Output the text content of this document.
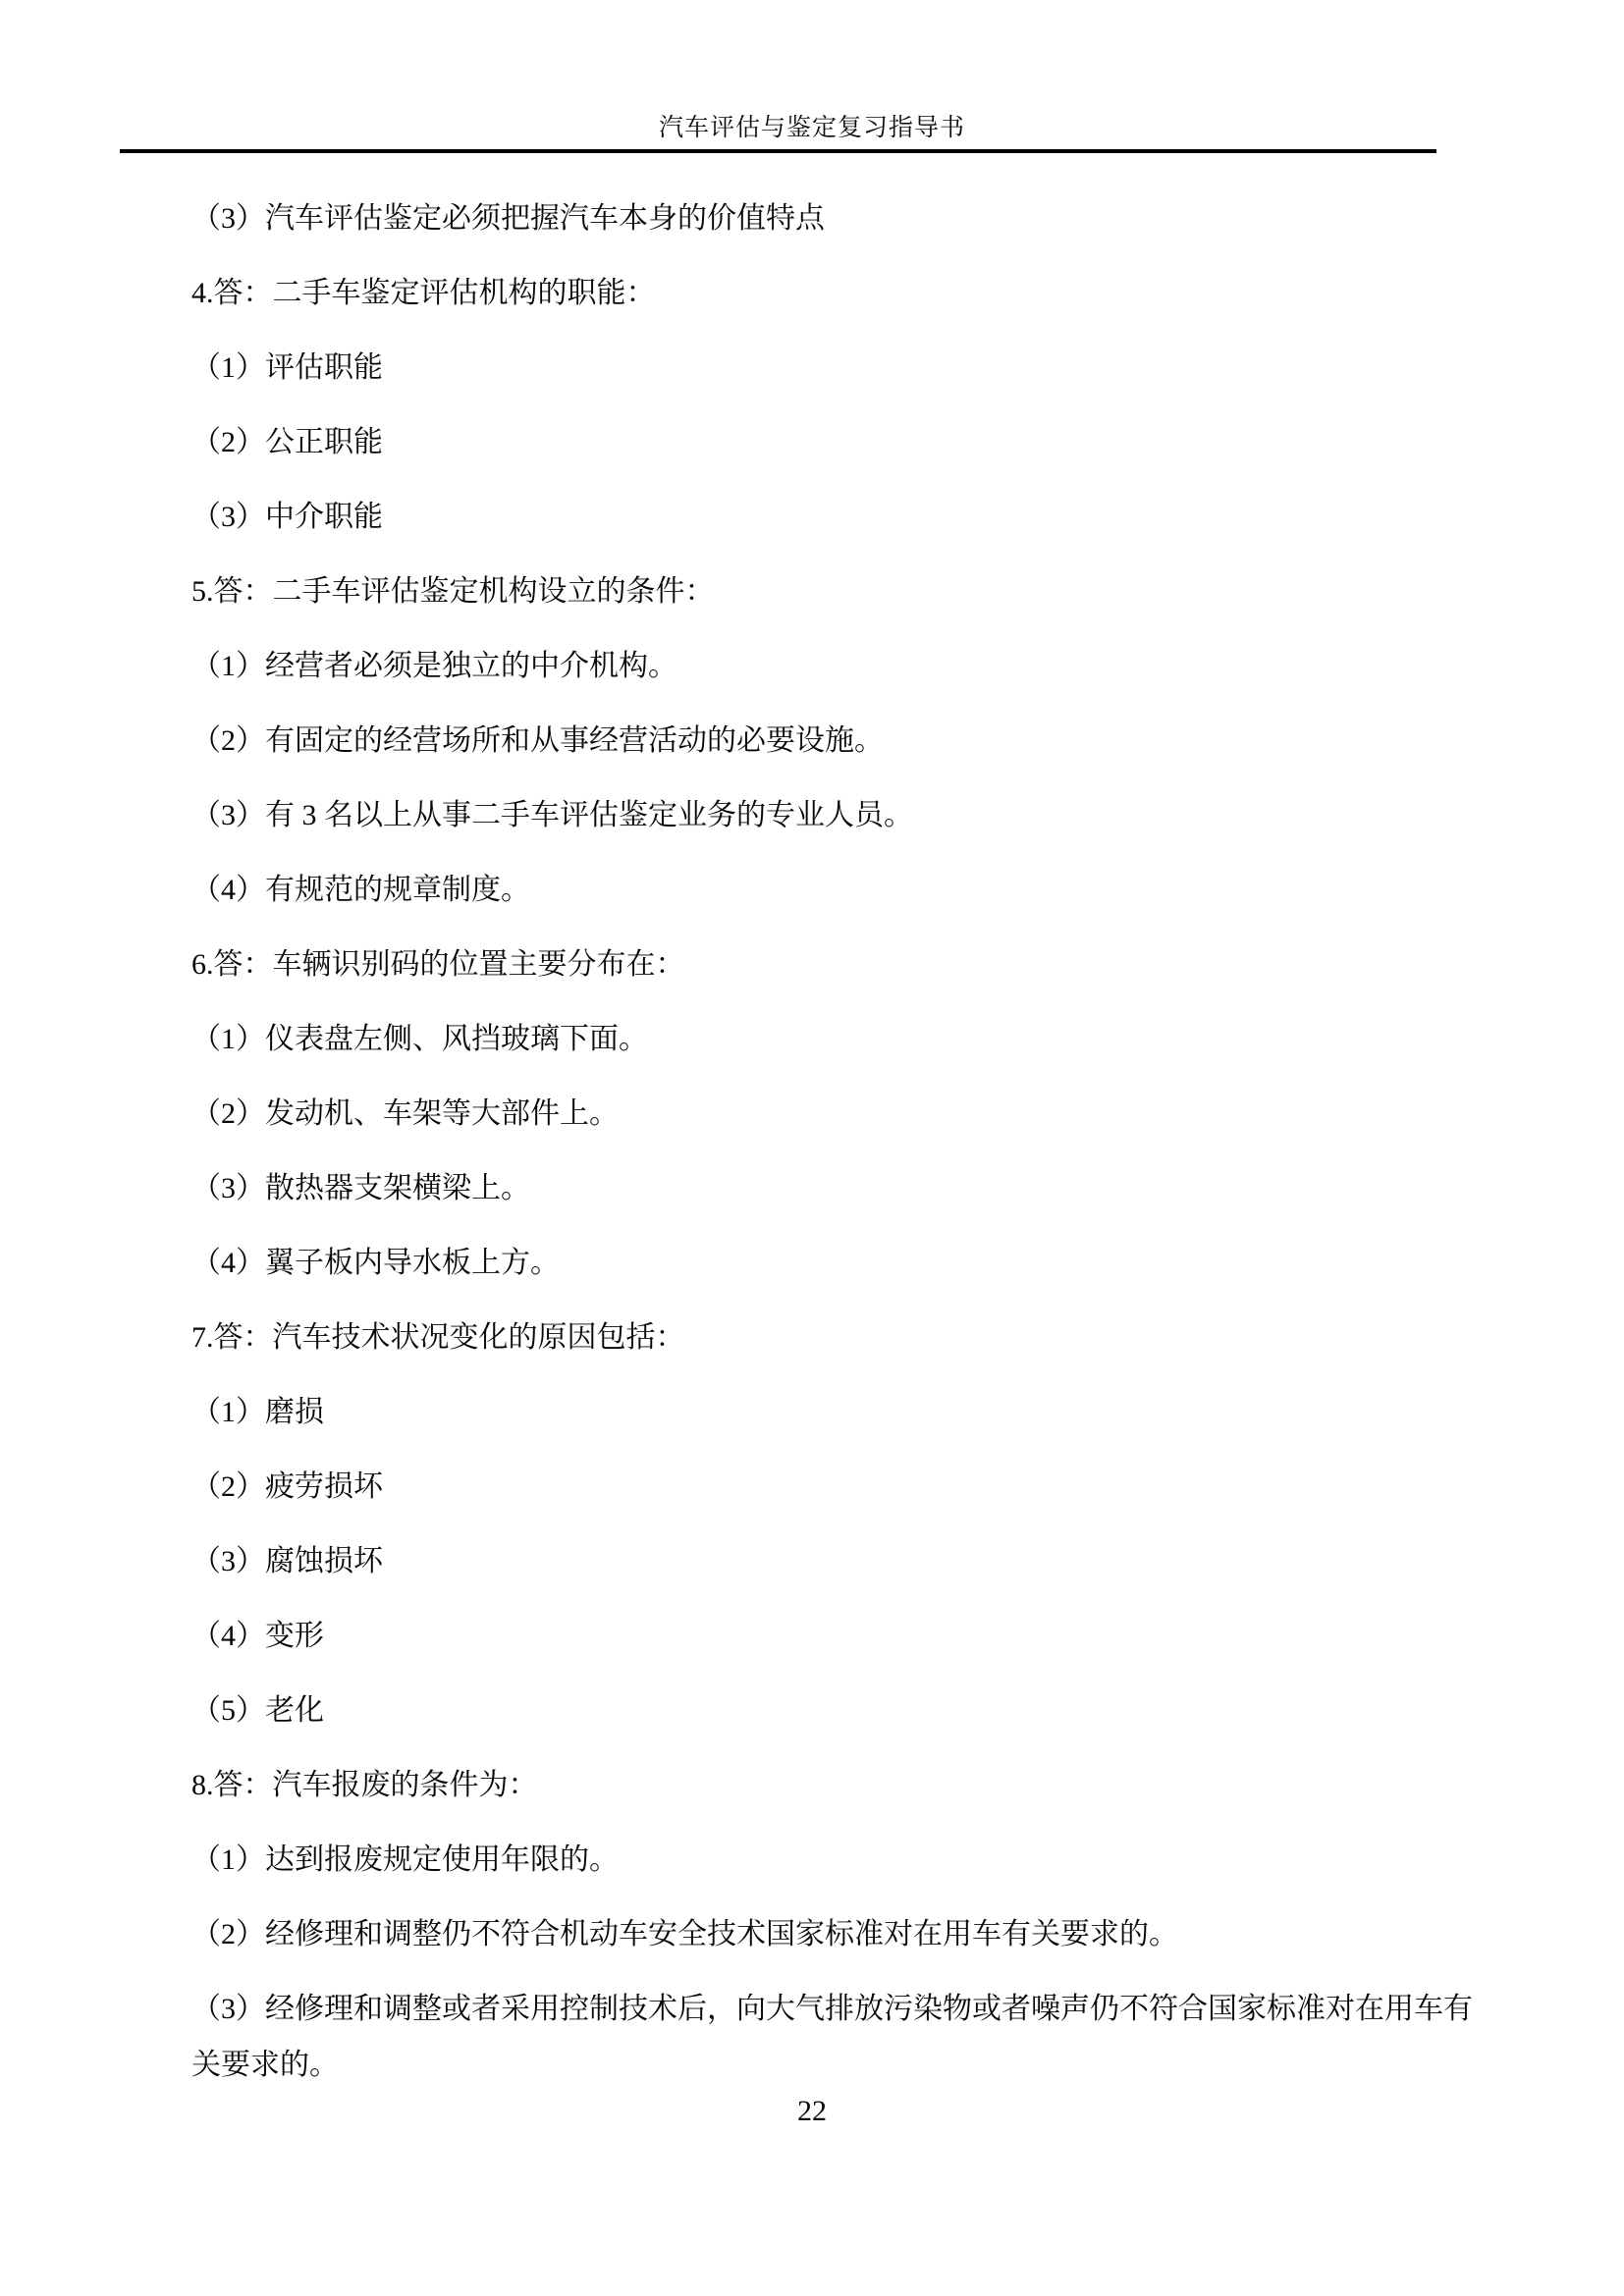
汽车评估与鉴定复习指导书
（3）汽车评估鉴定必须把握汽车本身的价值特点
4.答：二手车鉴定评估机构的职能：
（1）评估职能
（2）公正职能
（3）中介职能
5.答：二手车评估鉴定机构设立的条件：
（1）经营者必须是独立的中介机构。
（2）有固定的经营场所和从事经营活动的必要设施。
（3）有 3 名以上从事二手车评估鉴定业务的专业人员。
（4）有规范的规章制度。
6.答：车辆识别码的位置主要分布在：
（1）仪表盘左侧、风挡玻璃下面。
（2）发动机、车架等大部件上。
（3）散热器支架横梁上。
（4）翼子板内导水板上方。
7.答：汽车技术状况变化的原因包括：
（1）磨损
（2）疲劳损坏
（3）腐蚀损坏
（4）变形
（5）老化
8.答：汽车报废的条件为：
（1）达到报废规定使用年限的。
（2）经修理和调整仍不符合机动车安全技术国家标准对在用车有关要求的。
（3）经修理和调整或者采用控制技术后，向大气排放污染物或者噪声仍不符合国家标准对在用车有
关要求的。
22
